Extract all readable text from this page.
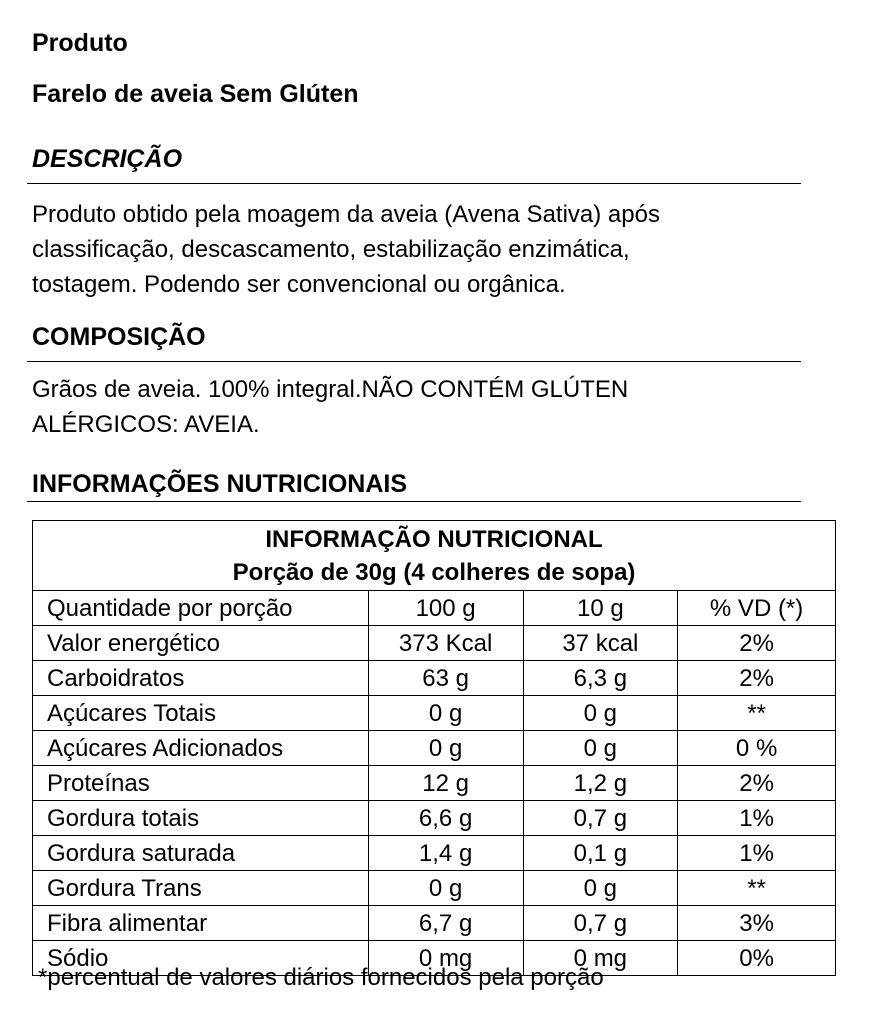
Produto
Farelo de aveia Sem Glúten
DESCRIÇÃO
Produto obtido pela moagem da aveia (Avena Sativa) após
classificação, descascamento, estabilização enzimática,
tostagem. Podendo ser convencional ou orgânica.
COMPOSIÇÃO
Grãos de aveia. 100% integral.NÃO CONTÉM GLÚTEN
ALÉRGICOS: AVEIA.
INFORMAÇÕES NUTRICIONAIS
INFORMAÇÃO NUTRICIONAL
Porção de 30g (4 colheres de sopa)			

Quantidade por porção	100 g	10 g	% VD (*)
Valor energético	373 Kcal	37 kcal	2%
Carboidratos	63 g	6,3 g	2%
Açúcares Totais	0 g	0 g	**
Açúcares Adicionados	0 g	0 g	0 %
Proteínas	12 g	1,2 g	2%
Gordura totais	6,6 g	0,7 g	1%
Gordura saturada	1,4 g	0,1 g	1%
Gordura Trans	0 g	0 g	**
Fibra alimentar	6,7 g	0,7 g	3%
Sódio	0 mg	0 mg	0%
*percentual de valores diários fornecidos pela porção
